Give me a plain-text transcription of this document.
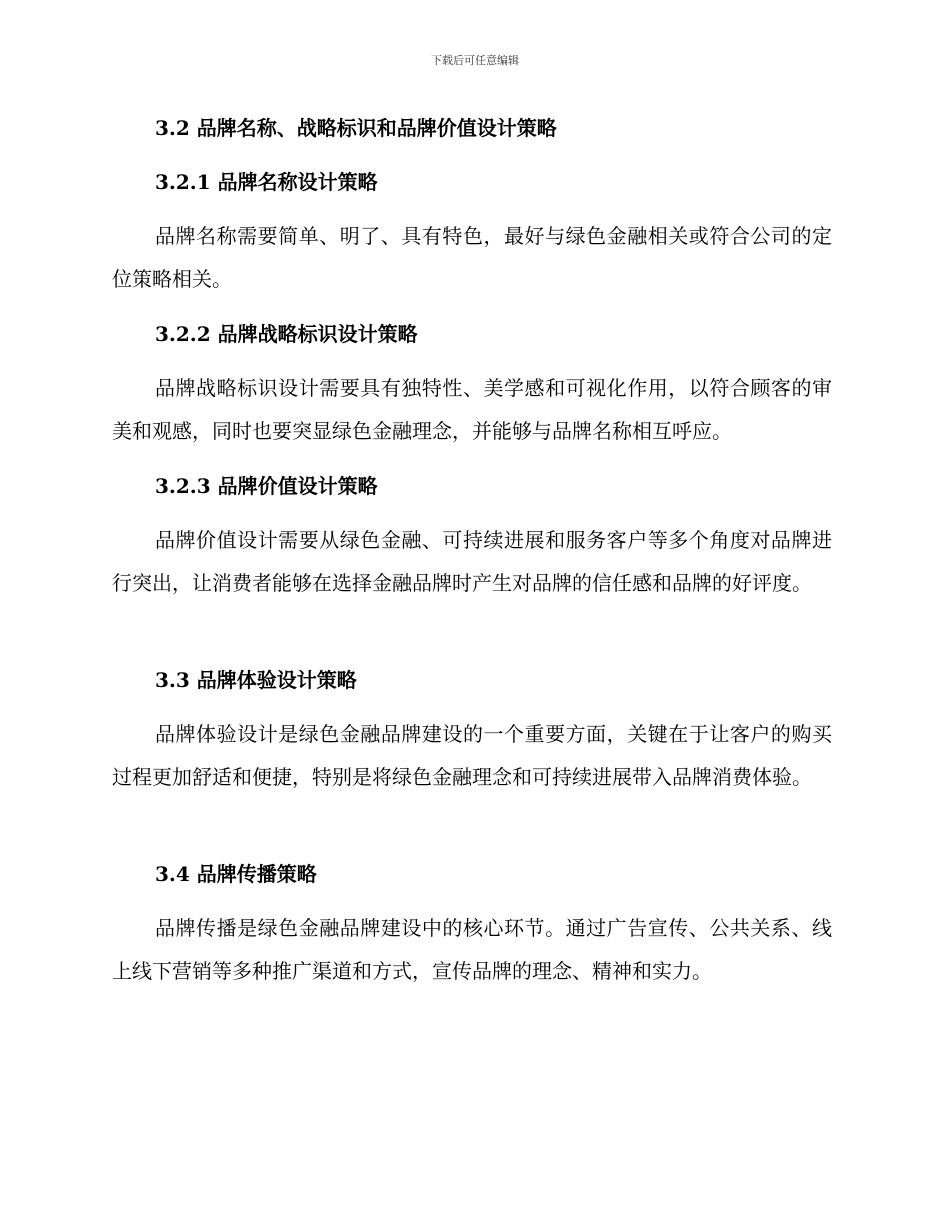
下载后可任意编辑
3.2 品牌名称、战略标识和品牌价值设计策略
3.2.1 品牌名称设计策略

品牌名称需要简单、明了、具有特色，最好与绿色金融相关或符合公司的定位策略相关。

3.2.2 品牌战略标识设计策略

品牌战略标识设计需要具有独特性、美学感和可视化作用，以符合顾客的审美和观感，同时也要突显绿色金融理念，并能够与品牌名称相互呼应。

3.2.3 品牌价值设计策略

品牌价值设计需要从绿色金融、可持续进展和服务客户等多个角度对品牌进行突出，让消费者能够在选择金融品牌时产生对品牌的信任感和品牌的好评度。

3.3 品牌体验设计策略

品牌体验设计是绿色金融品牌建设的一个重要方面，关键在于让客户的购买过程更加舒适和便捷，特别是将绿色金融理念和可持续进展带入品牌消费体验。

3.4 品牌传播策略

品牌传播是绿色金融品牌建设中的核心环节。通过广告宣传、公共关系、线上线下营销等多种推广渠道和方式，宣传品牌的理念、精神和实力。
